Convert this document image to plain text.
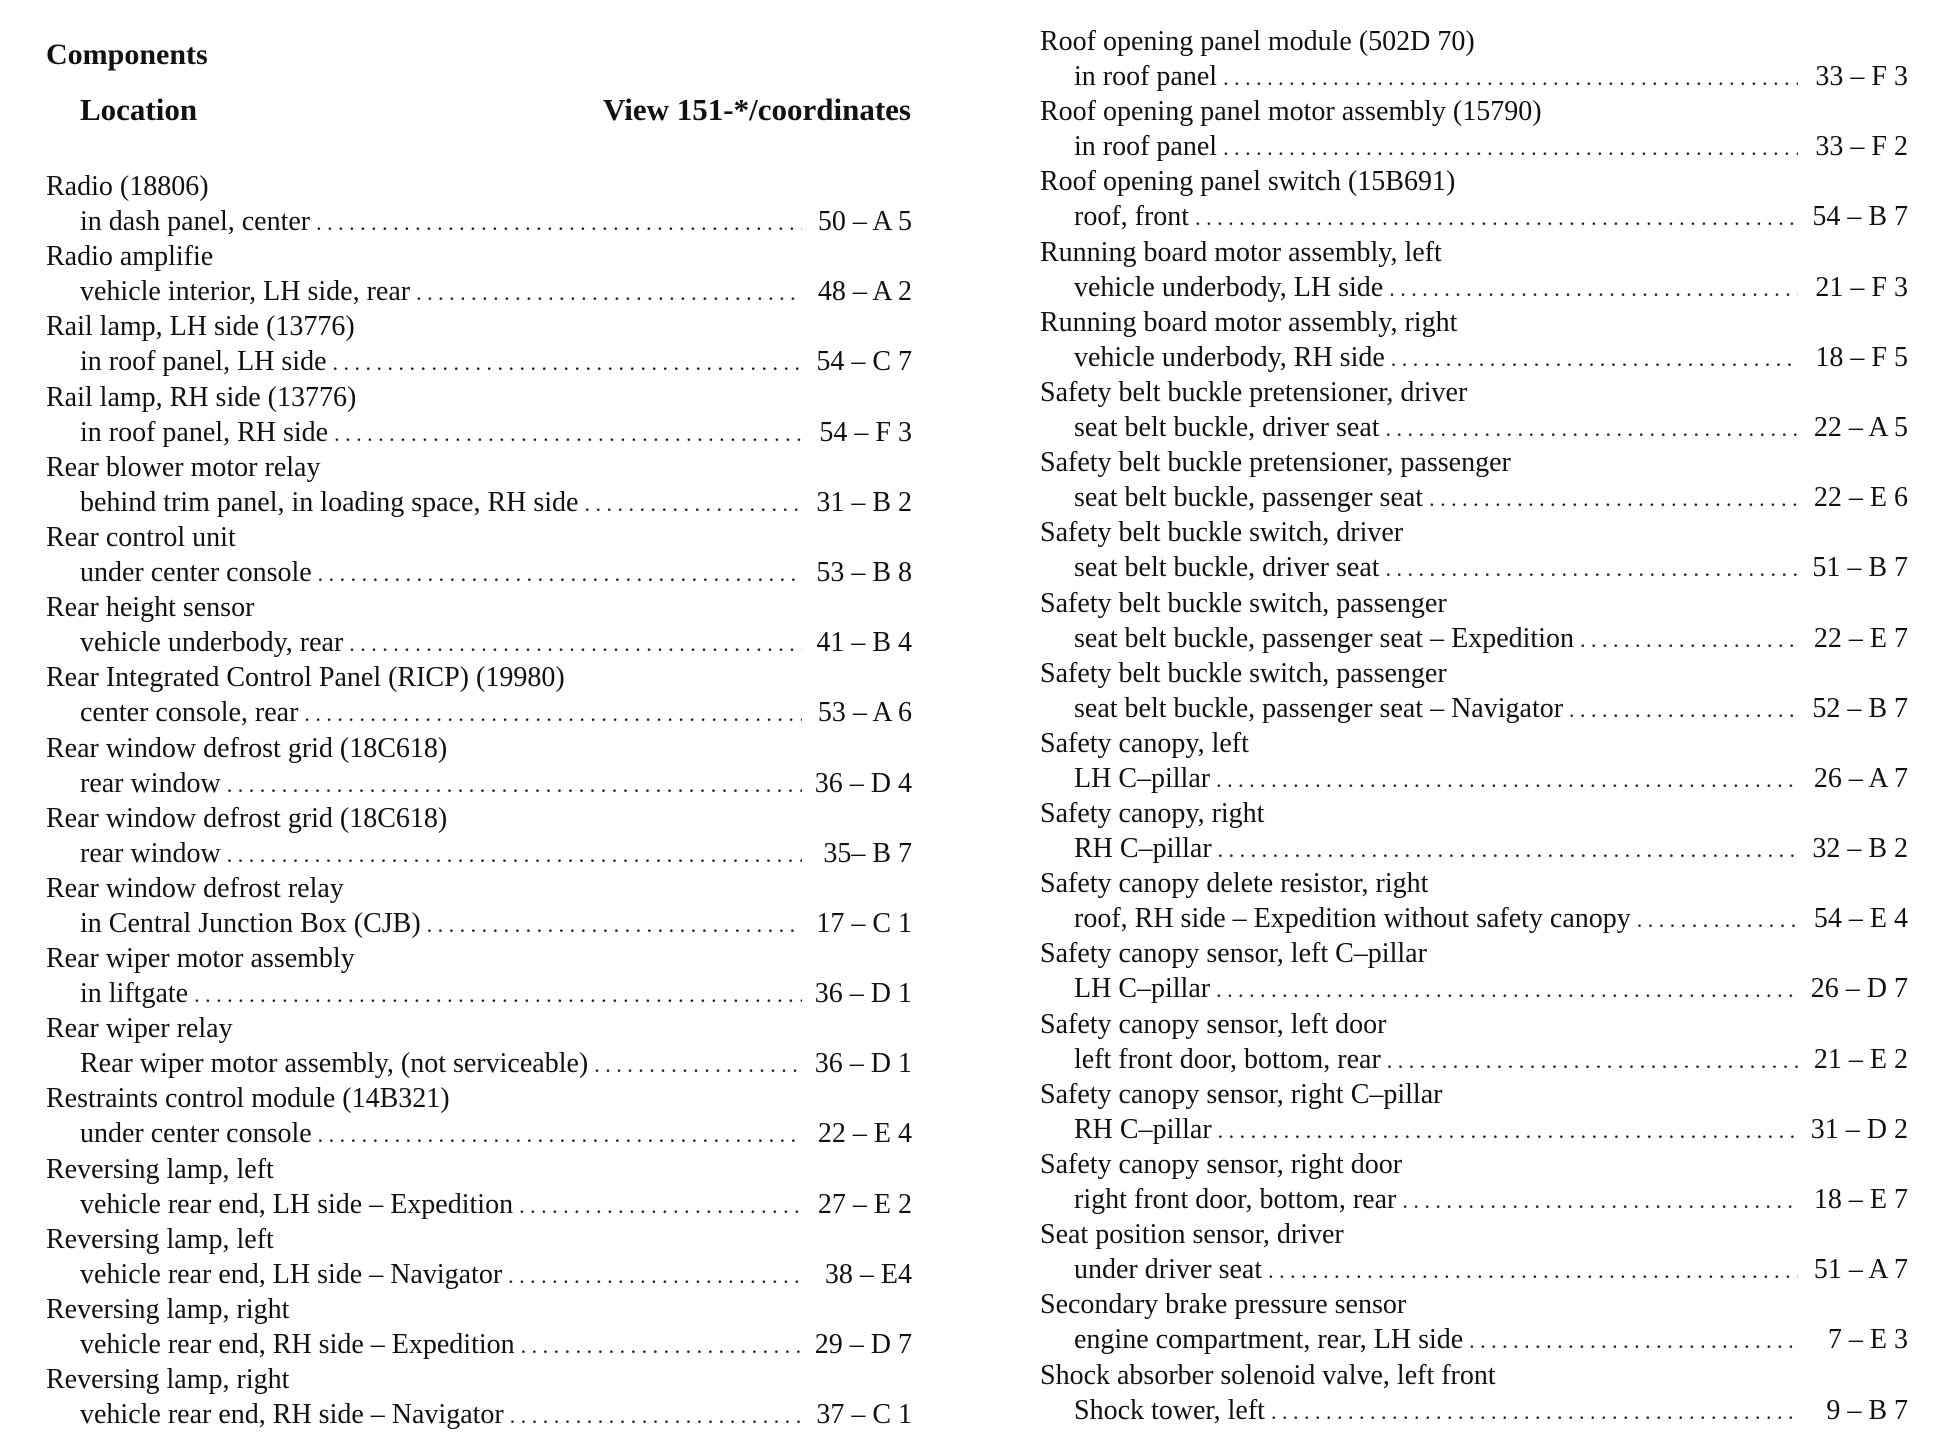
Components
Location	View 151-*/coordinates
Radio (18806)
in dash panel, center . . .	50 – A 5
Radio amplifie
vehicle interior, LH side, rear . . .	48 – A 2
Rail lamp, LH side (13776)
in roof panel, LH side . . .	54 – C 7
Rail lamp, RH side (13776)
in roof panel, RH side . . .	54 – F 3
Rear blower motor relay
behind trim panel, in loading space, RH side . . .	31 – B 2
Rear control unit
under center console . . .	53 – B 8
Rear height sensor
vehicle underbody, rear . . .	41 – B 4
Rear Integrated Control Panel (RICP) (19980)
center console, rear . . .	53 – A 6
Rear window defrost grid (18C618)
rear window . . .	36 – D 4
Rear window defrost grid (18C618)
rear window . . .	35– B 7
Rear window defrost relay
in Central Junction Box (CJB) . . .	17 – C 1
Rear wiper motor assembly
in liftgate . . .	36 – D 1
Rear wiper relay
Rear wiper motor assembly, (not serviceable) . . .	36 – D 1
Restraints control module (14B321)
under center console . . .	22 – E 4
Reversing lamp, left
vehicle rear end, LH side – Expedition . . .	27 – E 2
Reversing lamp, left
vehicle rear end, LH side – Navigator . . .	38 – E4
Reversing lamp, right
vehicle rear end, RH side – Expedition . . .	29 – D 7
Reversing lamp, right
vehicle rear end, RH side – Navigator . . .	37 – C 1
Roof opening panel module (502D 70)
in roof panel . . .	33 – F 3
Roof opening panel motor assembly (15790)
in roof panel . . .	33 – F 2
Roof opening panel switch (15B691)
roof, front . . .	54 – B 7
Running board motor assembly, left
vehicle underbody, LH side . . .	21 – F 3
Running board motor assembly, right
vehicle underbody, RH side . . .	18 – F 5
Safety belt buckle pretensioner, driver
seat belt buckle, driver seat . . .	22 – A 5
Safety belt buckle pretensioner, passenger
seat belt buckle, passenger seat . . .	22 – E 6
Safety belt buckle switch, driver
seat belt buckle, driver seat . . .	51 – B 7
Safety belt buckle switch, passenger
seat belt buckle, passenger seat – Expedition . . .	22 – E 7
Safety belt buckle switch, passenger
seat belt buckle, passenger seat – Navigator . . .	52 – B 7
Safety canopy, left
LH C–pillar . . .	26 – A 7
Safety canopy, right
RH C–pillar . . .	32 – B 2
Safety canopy delete resistor, right
roof, RH side – Expedition without safety canopy . . .	54 – E 4
Safety canopy sensor, left C–pillar
LH C–pillar . . .	26 – D 7
Safety canopy sensor, left door
left front door, bottom, rear . . .	21 – E 2
Safety canopy sensor, right C–pillar
RH C–pillar . . .	31 – D 2
Safety canopy sensor, right door
right front door, bottom, rear . . .	18 – E 7
Seat position sensor, driver
under driver seat . . .	51 – A 7
Secondary brake pressure sensor
engine compartment, rear, LH side . . .	7 – E 3
Shock absorber solenoid valve, left front
Shock tower, left . . .	9 – B 7
